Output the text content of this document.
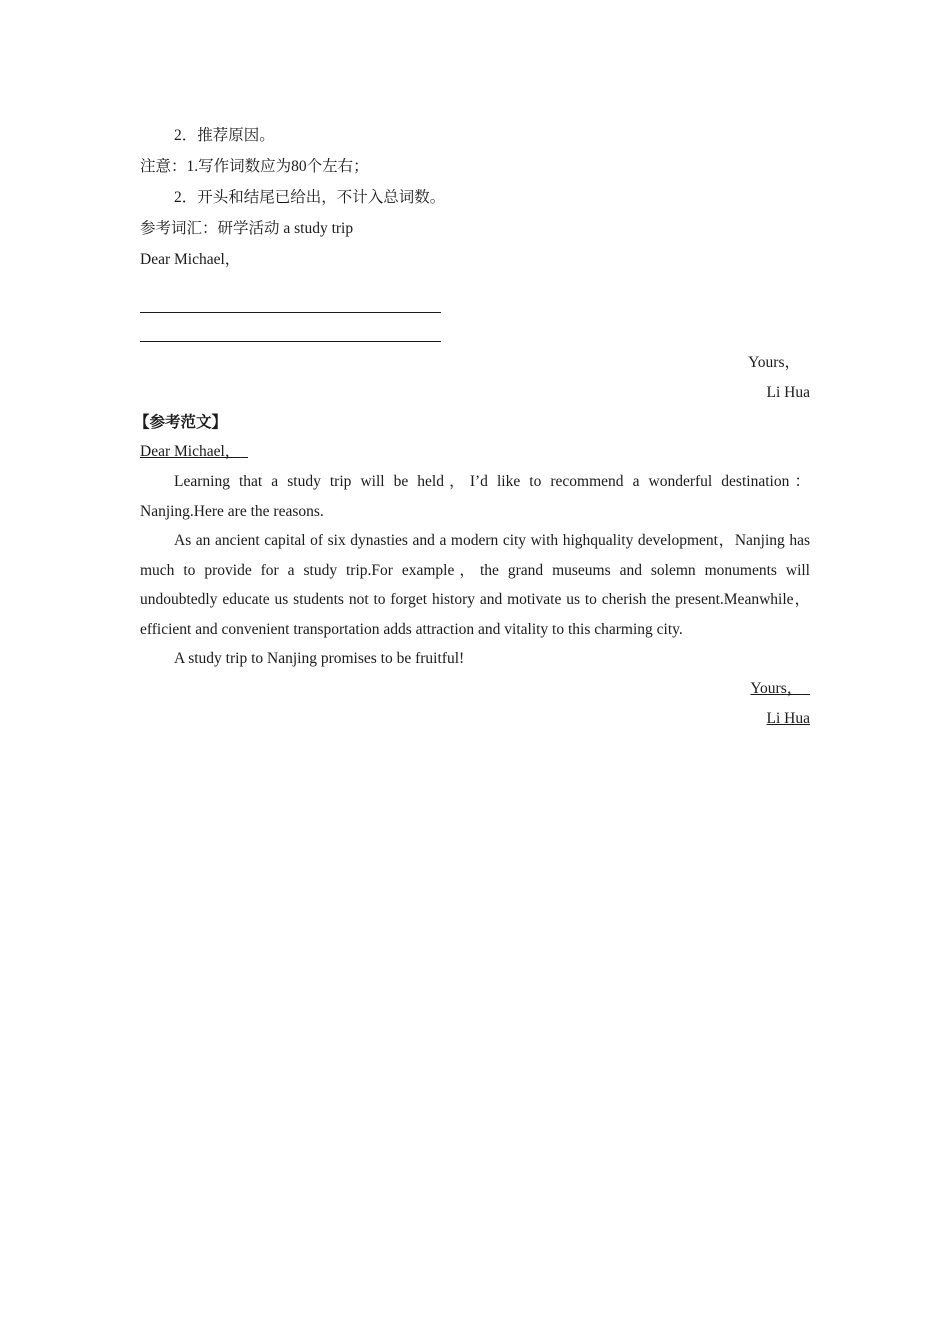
2．推荐原因。
注意：1.写作词数应为80个左右；
2．开头和结尾已给出，不计入总词数。
参考词汇：研学活动 a study trip
Dear Michael，
Yours，
Li Hua
【参考范文】
Dear Michael，

Learning that a study trip will be held，I’d like to recommend a wonderful destination：Nanjing.Here are the reasons.

As an ancient capital of six dynasties and a modern city with highquality development，Nanjing has much to provide for a study trip.For example，the grand museums and solemn monuments will undoubtedly educate us students not to forget history and motivate us to cherish the present.Meanwhile，efficient and convenient transportation adds attraction and vitality to this charming city.

A study trip to Nanjing promises to be fruitful!

Yours，
Li Hua
